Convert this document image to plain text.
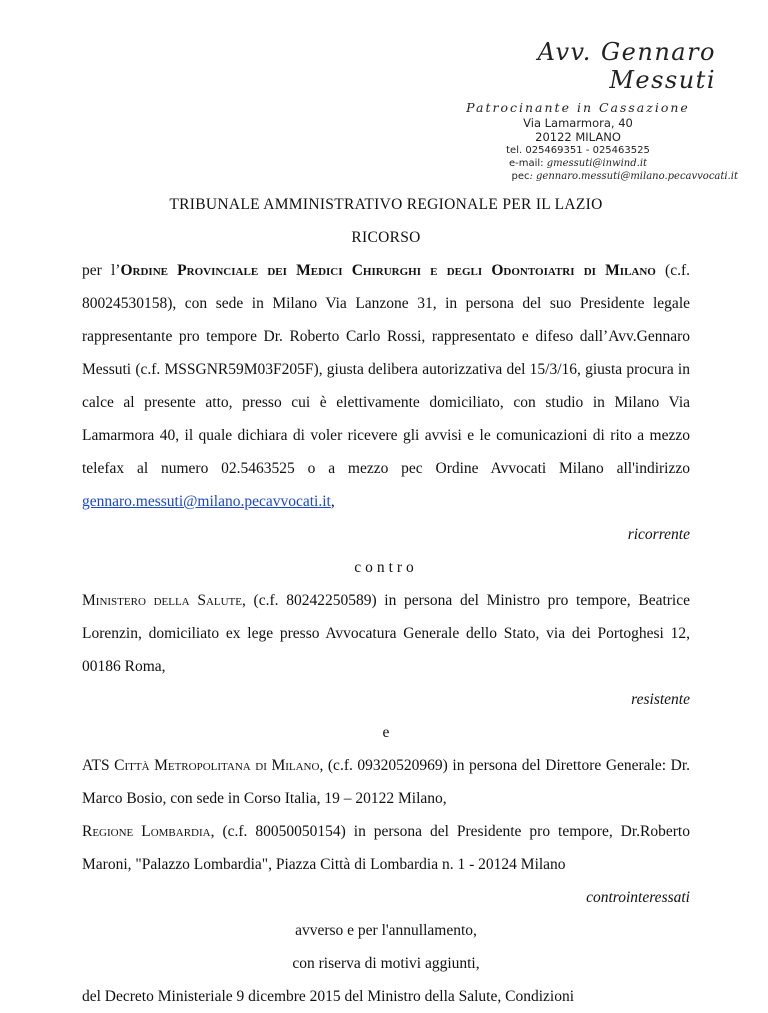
Avv. Gennaro Messuti
Patrocinante in Cassazione
Via Lamarmora, 40
20122 MILANO
tel. 025469351 - 025463525
e-mail: gmessuti@inwind.it
pec: gennaro.messuti@milano.pecavvocati.it
TRIBUNALE AMMINISTRATIVO REGIONALE PER IL LAZIO
RICORSO
per l’Ordine Provinciale dei Medici Chirurghi e degli Odontoiatri di Milano (c.f. 80024530158), con sede in Milano Via Lanzone 31, in persona del suo Presidente legale rappresentante pro tempore Dr. Roberto Carlo Rossi, rappresentato e difeso dall’Avv.Gennaro Messuti (c.f. MSSGNR59M03F205F), giusta delibera autorizzativa del 15/3/16, giusta procura in calce al presente atto, presso cui è elettivamente domiciliato, con studio in Milano Via Lamarmora 40, il quale dichiara di voler ricevere gli avvisi e le comunicazioni di rito a mezzo telefax al numero 02.5463525 o a mezzo pec Ordine Avvocati Milano all'indirizzo gennaro.messuti@milano.pecavvocati.it,
ricorrente
contro
Ministero della Salute, (c.f. 80242250589) in persona del Ministro pro tempore, Beatrice Lorenzin, domiciliato ex lege presso Avvocatura Generale dello Stato, via dei Portoghesi 12, 00186 Roma,
resistente
e
ATS Città Metropolitana di Milano, (c.f. 09320520969) in persona del Direttore Generale: Dr. Marco Bosio, con sede in Corso Italia, 19 – 20122 Milano,
Regione Lombardia, (c.f. 80050050154) in persona del Presidente pro tempore, Dr.Roberto Maroni, "Palazzo Lombardia", Piazza Città di Lombardia n. 1 - 20124 Milano
controinteressati
avverso e per l'annullamento,
con riserva di motivi aggiunti,
del Decreto Ministeriale 9 dicembre 2015 del Ministro della Salute, Condizioni
